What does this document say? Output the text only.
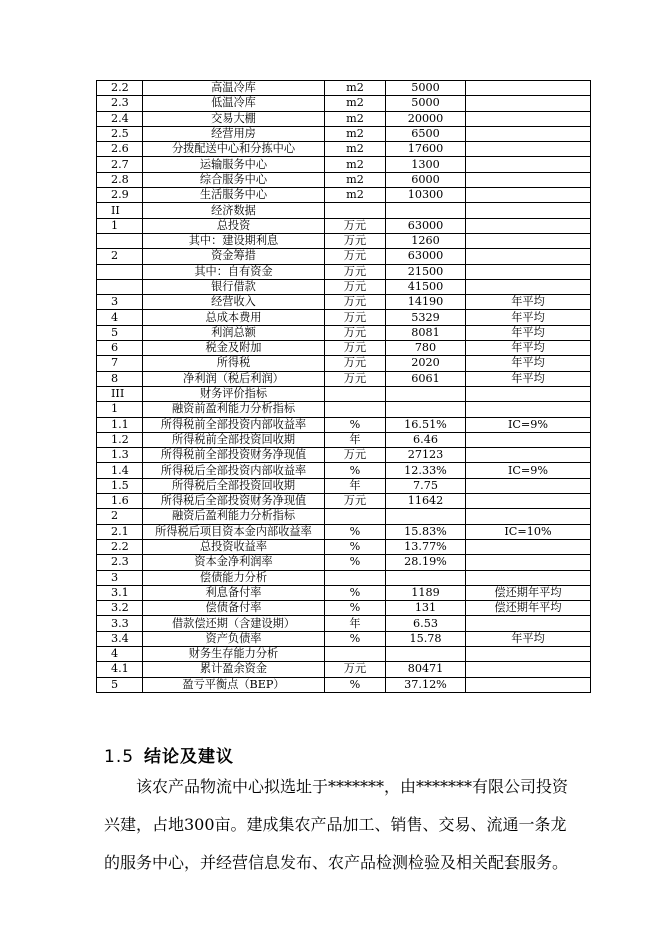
2.2	高温冷库	m2	5000	
2.3	低温冷库	m2	5000	
2.4	交易大棚	m2	20000	
2.5	经营用房	m2	6500	
2.6	分拨配送中心和分拣中心	m2	17600	
2.7	运输服务中心	m2	1300	
2.8	综合服务中心	m2	6000	
2.9	生活服务中心	m2	10300	
II	经济数据			
1	总投资	万元	63000	
	其中：建设期利息	万元	1260	
2	资金筹措	万元	63000	
	其中：自有资金	万元	21500	
	银行借款	万元	41500	
3	经营收入	万元	14190	年平均
4	总成本费用	万元	5329	年平均
5	利润总额	万元	8081	年平均
6	税金及附加	万元	780	年平均
7	所得税	万元	2020	年平均
8	净利润（税后利润）	万元	6061	年平均
III	财务评价指标			
1	融资前盈利能力分析指标			
1.1	所得税前全部投资内部收益率	%	16.51%	IC=9%
1.2	所得税前全部投资回收期	年	6.46	
1.3	所得税前全部投资财务净现值	万元	27123	
1.4	所得税后全部投资内部收益率	%	12.33%	IC=9%
1.5	所得税后全部投资回收期	年	7.75	
1.6	所得税后全部投资财务净现值	万元	11642	
2	融资后盈利能力分析指标			
2.1	所得税后项目资本金内部收益率	%	15.83%	IC=10%
2.2	总投资收益率	%	13.77%	
2.3	资本金净利润率	%	28.19%	
3	偿债能力分析			
3.1	利息备付率	%	1189	偿还期年平均
3.2	偿债备付率	%	131	偿还期年平均
3.3	借款偿还期（含建设期）	年	6.53	
3.4	资产负债率	%	15.78	年平均
4	财务生存能力分析			
4.1	累计盈余资金	万元	80471	
5	盈亏平衡点（BEP）	%	37.12%	
1.5 结论及建议
该农产品物流中心拟选址于*******，由*******有限公司投资
兴建，占地300亩。建成集农产品加工、销售、交易、流通一条龙
的服务中心，并经营信息发布、农产品检测检验及相关配套服务。
